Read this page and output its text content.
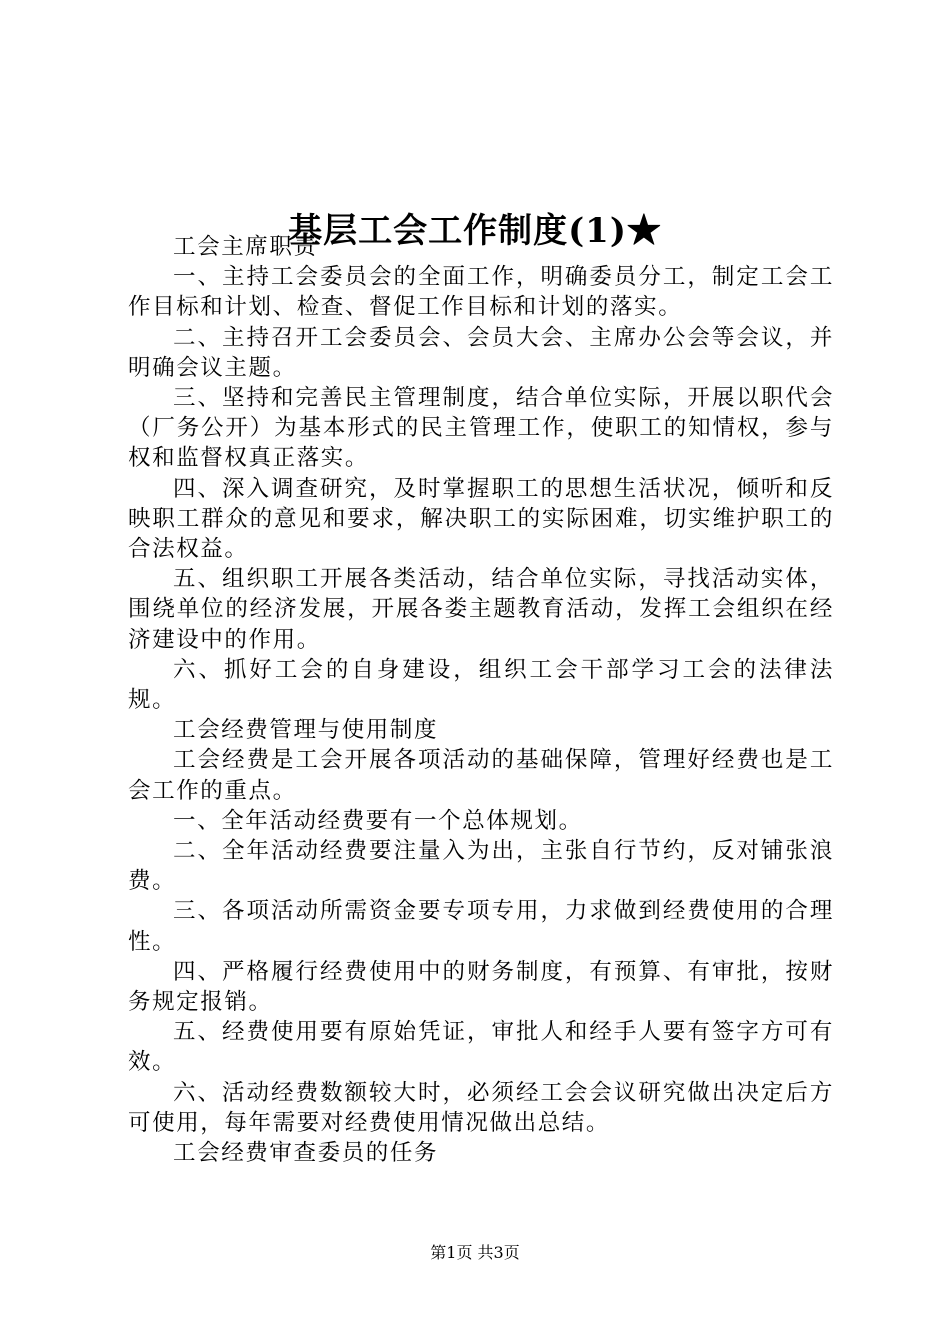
基层工会工作制度(1)★

工会主席职责

一、主持工会委员会的全面工作，明确委员分工，制定工会工作目标和计划、检查、督促工作目标和计划的落实。

二、主持召开工会委员会、会员大会、主席办公会等会议，并明确会议主题。

三、坚持和完善民主管理制度，结合单位实际，开展以职代会（厂务公开）为基本形式的民主管理工作，使职工的知情权，参与权和监督权真正落实。

四、深入调查研究，及时掌握职工的思想生活状况，倾听和反映职工群众的意见和要求，解决职工的实际困难，切实维护职工的合法权益。

五、组织职工开展各类活动，结合单位实际，寻找活动实体，围绕单位的经济发展，开展各娄主题教育活动，发挥工会组织在经济建设中的作用。

六、抓好工会的自身建设，组织工会干部学习工会的法律法规。

工会经费管理与使用制度

工会经费是工会开展各项活动的基础保障，管理好经费也是工会工作的重点。

一、全年活动经费要有一个总体规划。

二、全年活动经费要注量入为出，主张自行节约，反对铺张浪费。

三、各项活动所需资金要专项专用，力求做到经费使用的合理性。

四、严格履行经费使用中的财务制度，有预算、有审批，按财务规定报销。

五、经费使用要有原始凭证，审批人和经手人要有签字方可有效。

六、活动经费数额较大时，必须经工会会议研究做出决定后方可使用，每年需要对经费使用情况做出总结。

工会经费审查委员的任务

第1页 共3页
